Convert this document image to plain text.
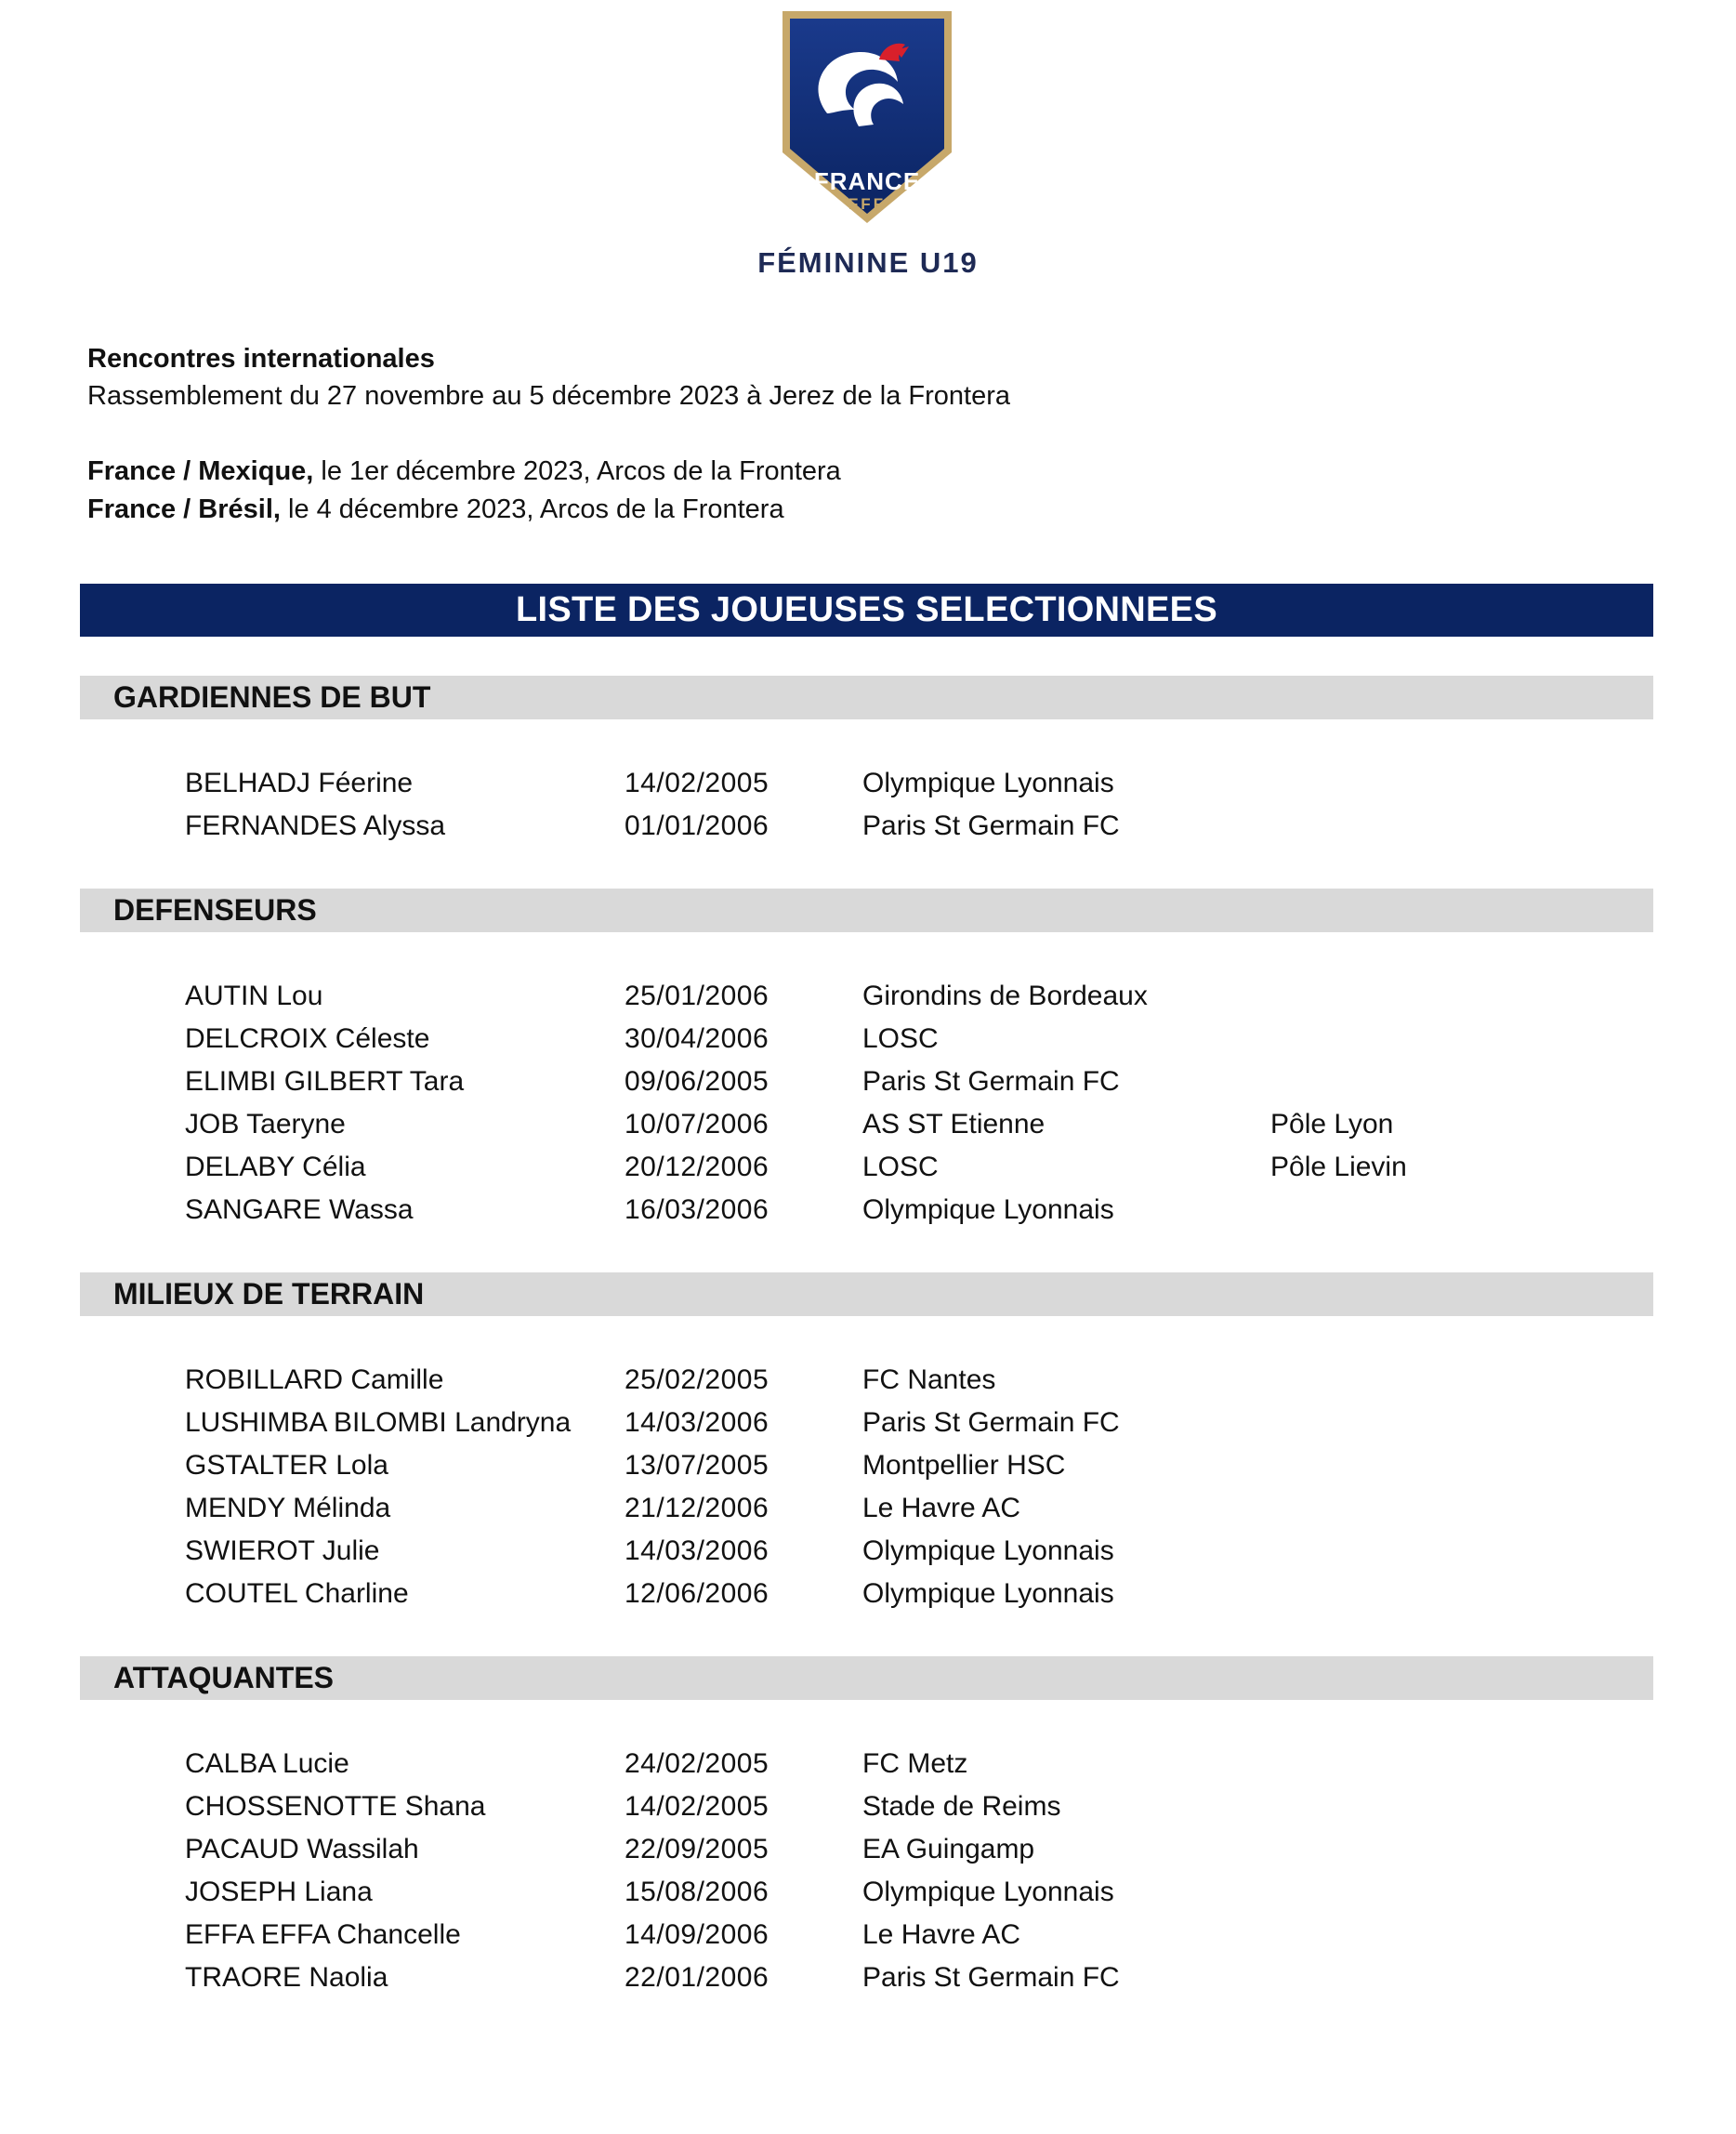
FRANCE
FFF
FÉMININE U19
Rencontres internationales
Rassemblement du 27 novembre au 5 décembre 2023 à Jerez de la Frontera
France / Mexique, le 1er décembre 2023, Arcos de la Frontera
France / Brésil, le 4 décembre 2023, Arcos de la Frontera
LISTE DES JOUEUSES SELECTIONNEES
GARDIENNES DE BUT
BELHADJ Féerine	14/02/2005	Olympique Lyonnais
FERNANDES Alyssa	01/01/2006	Paris St Germain FC
DEFENSEURS
AUTIN Lou	25/01/2006	Girondins de Bordeaux
DELCROIX Céleste	30/04/2006	LOSC
ELIMBI GILBERT Tara	09/06/2005	Paris St Germain FC
JOB Taeryne	10/07/2006	AS ST Etienne	Pôle Lyon
DELABY Célia	20/12/2006	LOSC	Pôle Lievin
SANGARE Wassa	16/03/2006	Olympique Lyonnais
MILIEUX DE TERRAIN
ROBILLARD Camille	25/02/2005	FC Nantes
LUSHIMBA BILOMBI Landryna 14/03/2006	Paris St Germain FC
GSTALTER Lola	13/07/2005	Montpellier HSC
MENDY Mélinda	21/12/2006	Le Havre AC
SWIEROT Julie	14/03/2006	Olympique Lyonnais
COUTEL Charline	12/06/2006	Olympique Lyonnais
ATTAQUANTES
CALBA Lucie	24/02/2005	FC Metz
CHOSSENOTTE Shana	14/02/2005	Stade de Reims
PACAUD Wassilah	22/09/2005	EA Guingamp
JOSEPH Liana	15/08/2006	Olympique Lyonnais
EFFA EFFA Chancelle	14/09/2006	Le Havre AC
TRAORE Naolia	22/01/2006	Paris St Germain FC
